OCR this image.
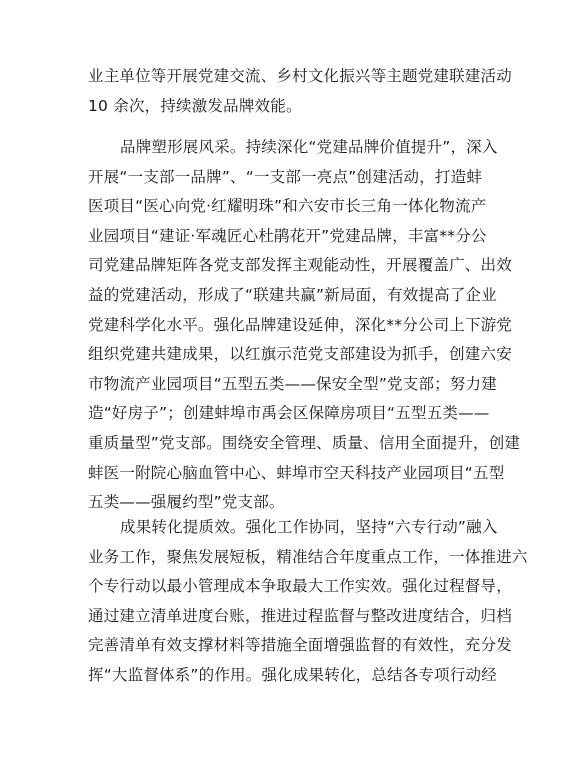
业主单位等开展党建交流、乡村文化振兴等主题党建联建活动
10 余次，持续激发品牌效能。

品牌塑形展风采。持续深化“党建品牌价值提升”，深入
开展“一支部一品牌”、“一支部一亮点”创建活动，打造蚌
医项目“医心向党·红耀明珠”和六安市长三角一体化物流产
业园项目“建证·军魂匠心杜鹃花开”党建品牌，丰富**分公
司党建品牌矩阵各党支部发挥主观能动性，开展覆盖广、出效
益的党建活动，形成了“联建共赢”新局面，有效提高了企业
党建科学化水平。强化品牌建设延伸，深化**分公司上下游党
组织党建共建成果，以红旗示范党支部建设为抓手，创建六安
市物流产业园项目“五型五类——保安全型”党支部；努力建
造“好房子”；创建蚌埠市禹会区保障房项目“五型五类——
重质量型”党支部。围绕安全管理、质量、信用全面提升，创建
蚌医一附院心脑血管中心、蚌埠市空天科技产业园项目“五型
五类——强履约型”党支部。

成果转化提质效。强化工作协同，坚持“六专行动”融入
业务工作，聚焦发展短板，精准结合年度重点工作，一体推进六
个专行动以最小管理成本争取最大工作实效。强化过程督导，
通过建立清单进度台账，推进过程监督与整改进度结合，归档
完善清单有效支撑材料等措施全面增强监督的有效性，充分发
挥“大监督体系”的作用。强化成果转化，总结各专项行动经
